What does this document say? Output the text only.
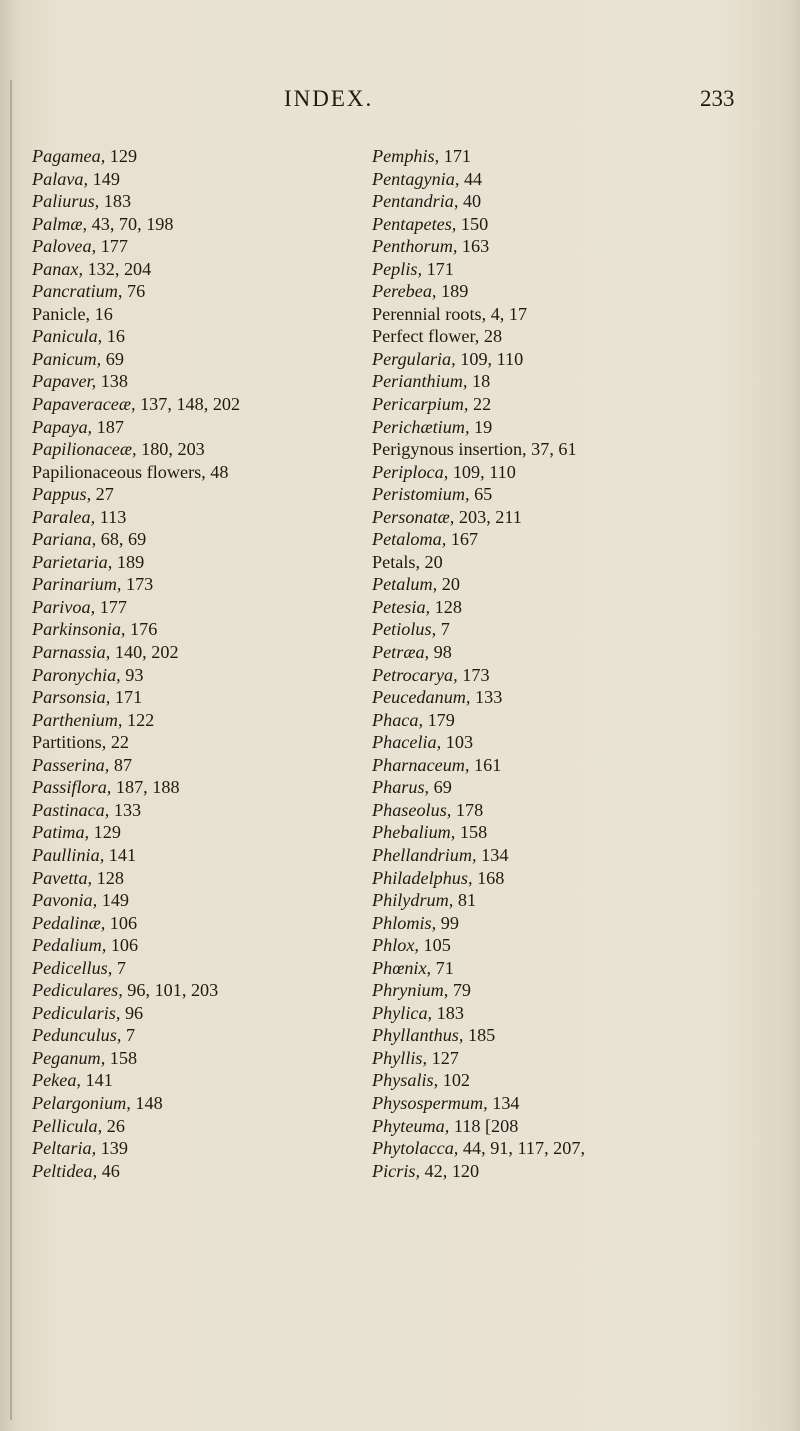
INDEX.	233
Pagamea, 129
Palava, 149
Paliurus, 183
Palmæ, 43, 70, 198
Palovea, 177
Panax, 132, 204
Pancratium, 76
Panicle, 16
Panicula, 16
Panicum, 69
Papaver, 138
Papaveraceæ, 137, 148, 202
Papaya, 187
Papilionaceæ, 180, 203
Papilionaceous flowers, 48
Pappus, 27
Paralea, 113
Pariana, 68, 69
Parietaria, 189
Parinarium, 173
Parivoa, 177
Parkinsonia, 176
Parnassia, 140, 202
Paronychia, 93
Parsonsia, 171
Parthenium, 122
Partitions, 22
Passerina, 87
Passiflora, 187, 188
Pastinaca, 133
Patima, 129
Paullinia, 141
Pavetta, 128
Pavonia, 149
Pedalinæ, 106
Pedalium, 106
Pedicellus, 7
Pediculares, 96, 101, 203
Pedicularis, 96
Pedunculus, 7
Peganum, 158
Pekea, 141
Pelargonium, 148
Pellicula, 26
Peltaria, 139
Peltidea, 46
Pemphis, 171
Pentagynia, 44
Pentandria, 40
Pentapetes, 150
Penthorum, 163
Peplis, 171
Perebea, 189
Perennial roots, 4, 17
Perfect flower, 28
Pergularia, 109, 110
Perianthium, 18
Pericarpium, 22
Perichætium, 19
Perigynous insertion, 37, 61
Periploca, 109, 110
Peristomium, 65
Personatæ, 203, 211
Petaloma, 167
Petals, 20
Petalum, 20
Petesia, 128
Petiolus, 7
Petræa, 98
Petrocarya, 173
Peucedanum, 133
Phaca, 179
Phacelia, 103
Pharnaceum, 161
Pharus, 69
Phaseolus, 178
Phebalium, 158
Phellandrium, 134
Philadelphus, 168
Philydrum, 81
Phlomis, 99
Phlox, 105
Phœnix, 71
Phrynium, 79
Phylica, 183
Phyllanthus, 185
Phyllis, 127
Physalis, 102
Physospermum, 134
Phyteuma, 118 [208
Phytolacca, 44, 91, 117, 207,
Picris, 42, 120
